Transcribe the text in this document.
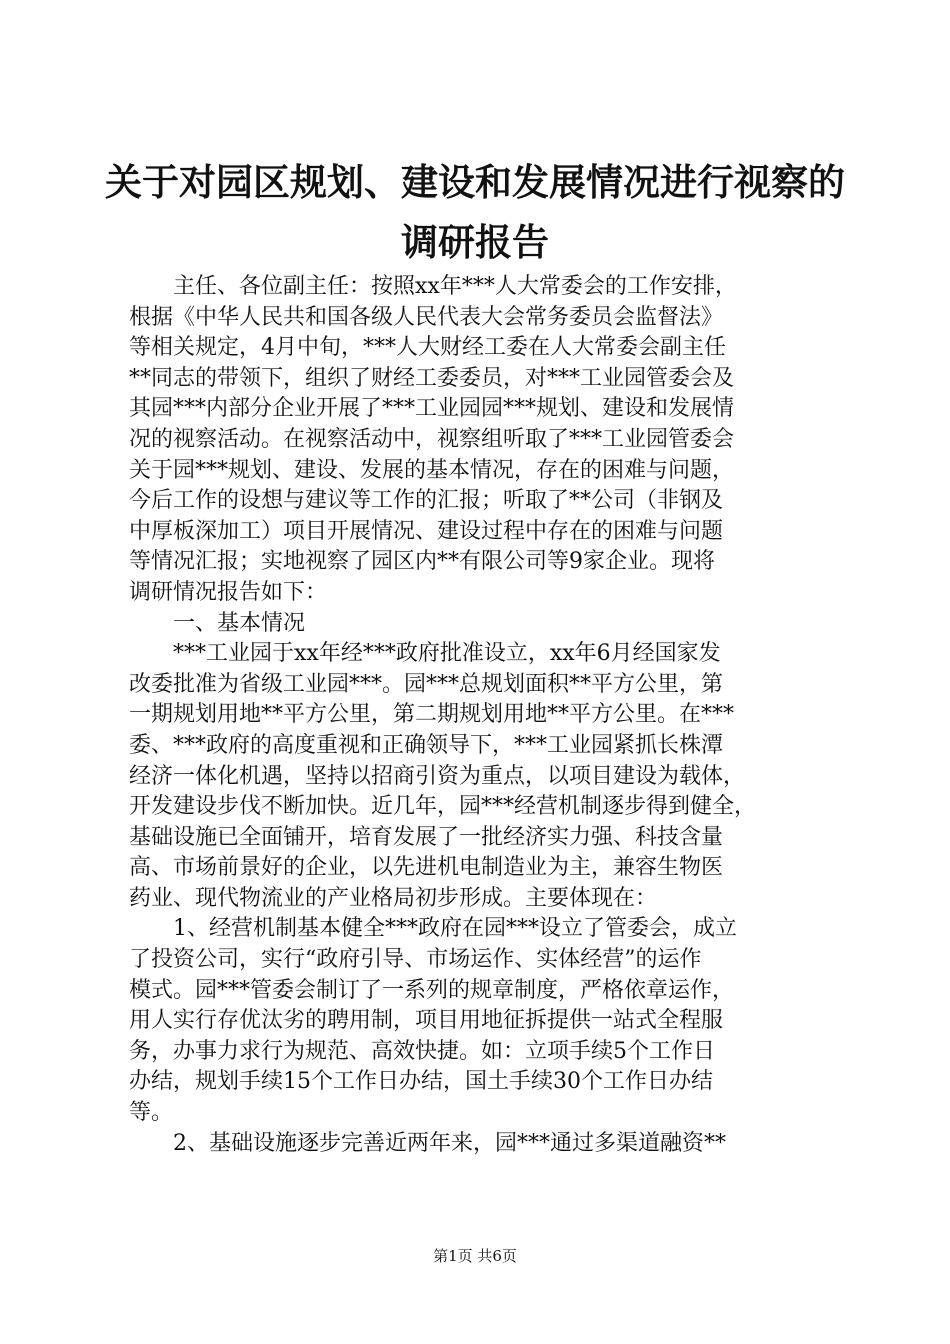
关于对园区规划、建设和发展情况进行视察的
调研报告
　　主任、各位副主任：按照xx年***人大常委会的工作安排，
根据《中华人民共和国各级人民代表大会常务委员会监督法》
等相关规定，4月中旬，***人大财经工委在人大常委会副主任
**同志的带领下，组织了财经工委委员，对***工业园管委会及
其园***内部分企业开展了***工业园园***规划、建设和发展情
况的视察活动。在视察活动中，视察组听取了***工业园管委会
关于园***规划、建设、发展的基本情况，存在的困难与问题，
今后工作的设想与建议等工作的汇报；听取了**公司（非钢及
中厚板深加工）项目开展情况、建设过程中存在的困难与问题
等情况汇报；实地视察了园区内**有限公司等9家企业。现将
调研情况报告如下：
　　一、基本情况
　　***工业园于xx年经***政府批准设立，xx年6月经国家发
改委批准为省级工业园***。园***总规划面积**平方公里，第
一期规划用地**平方公里，第二期规划用地**平方公里。在***
委、***政府的高度重视和正确领导下，***工业园紧抓长株潭
经济一体化机遇，坚持以招商引资为重点，以项目建设为载体，
开发建设步伐不断加快。近几年，园***经营机制逐步得到健全，
基础设施已全面铺开，培育发展了一批经济实力强、科技含量
高、市场前景好的企业，以先进机电制造业为主，兼容生物医
药业、现代物流业的产业格局初步形成。主要体现在：
　　1、经营机制基本健全***政府在园***设立了管委会，成立
了投资公司，实行“政府引导、市场运作、实体经营”的运作
模式。园***管委会制订了一系列的规章制度，严格依章运作，
用人实行存优汰劣的聘用制，项目用地征拆提供一站式全程服
务，办事力求行为规范、高效快捷。如：立项手续5个工作日
办结，规划手续15个工作日办结，国土手续30个工作日办结
等。
　　2、基础设施逐步完善近两年来，园***通过多渠道融资**
第1页 共6页
